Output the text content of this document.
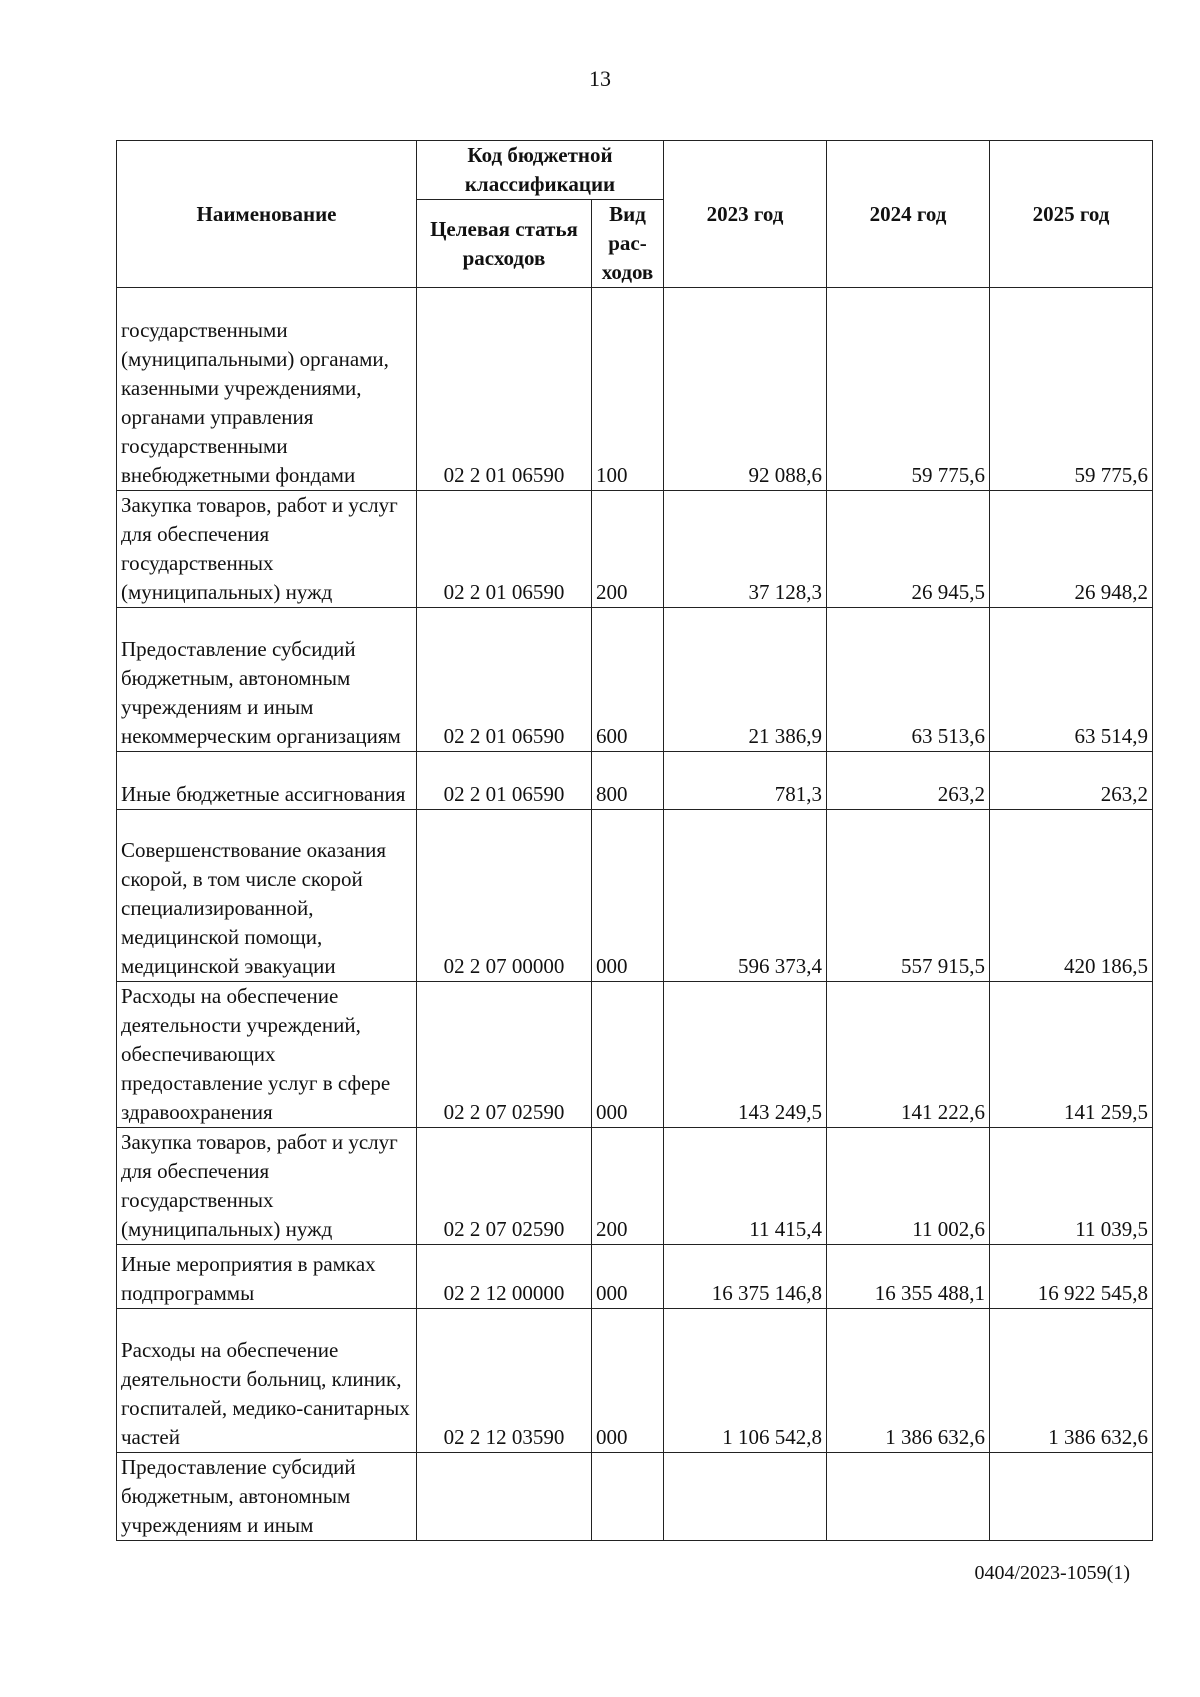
13
Наименование	Код бюджетной классификации		2023 год	2024 год	2025 год
	Целевая статья расходов	Вид рас-ходов			
государственными (муниципальными) органами, казенными учреждениями, органами управления государственными внебюджетными фондами	02 2 01 06590	100	92 088,6	59 775,6	59 775,6
Закупка товаров, работ и услуг для обеспечения государственных (муниципальных) нужд	02 2 01 06590	200	37 128,3	26 945,5	26 948,2
Предоставление субсидий бюджетным, автономным учреждениям и иным некоммерческим организациям	02 2 01 06590	600	21 386,9	63 513,6	63 514,9
Иные бюджетные ассигнования	02 2 01 06590	800	781,3	263,2	263,2
Совершенствование оказания скорой, в том числе скорой специализированной, медицинской помощи, медицинской эвакуации	02 2 07 00000	000	596 373,4	557 915,5	420 186,5
Расходы на обеспечение деятельности учреждений, обеспечивающих предоставление услуг в сфере здравоохранения	02 2 07 02590	000	143 249,5	141 222,6	141 259,5
Закупка товаров, работ и услуг для обеспечения государственных (муниципальных) нужд	02 2 07 02590	200	11 415,4	11 002,6	11 039,5
Иные мероприятия в рамках подпрограммы	02 2 12 00000	000	16 375 146,8	16 355 488,1	16 922 545,8
Расходы на обеспечение деятельности больниц, клиник, госпиталей, медико-санитарных частей	02 2 12 03590	000	1 106 542,8	1 386 632,6	1 386 632,6
Предоставление субсидий бюджетным, автономным учреждениям и иным					
0404/2023-1059(1)
